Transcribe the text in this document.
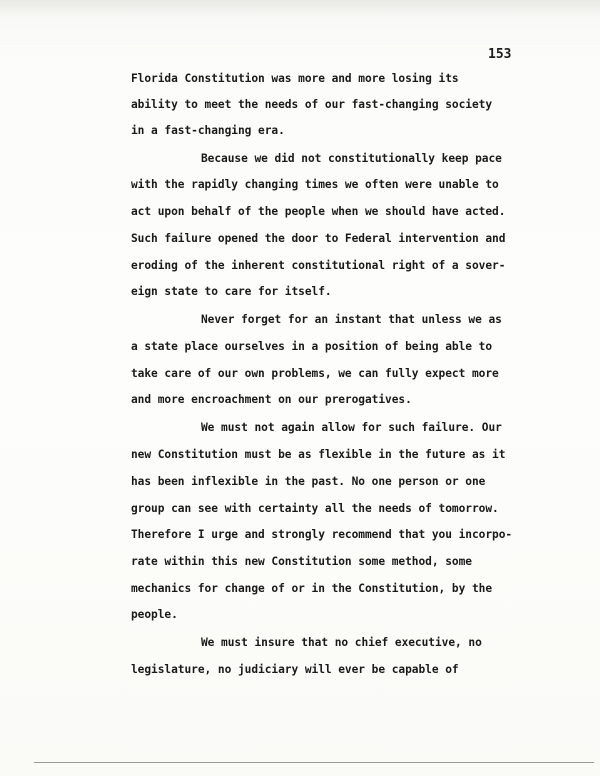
153
Florida Constitution was more and more losing its
ability to meet the needs of our fast-changing society
in a fast-changing era.
Because we did not constitutionally keep pace
with the rapidly changing times we often were unable to
act upon behalf of the people when we should have acted.
Such failure opened the door to Federal intervention and
eroding of the inherent constitutional right of a sover-
eign state to care for itself.
Never forget for an instant that unless we as
a state place ourselves in a position of being able to
take care of our own problems, we can fully expect more
and more encroachment on our prerogatives.
We must not again allow for such failure. Our
new Constitution must be as flexible in the future as it
has been inflexible in the past. No one person or one
group can see with certainty all the needs of tomorrow.
Therefore I urge and strongly recommend that you incorpo-
rate within this new Constitution some method, some
mechanics for change of or in the Constitution, by the
people.
We must insure that no chief executive, no
legislature, no judiciary will ever be capable of
